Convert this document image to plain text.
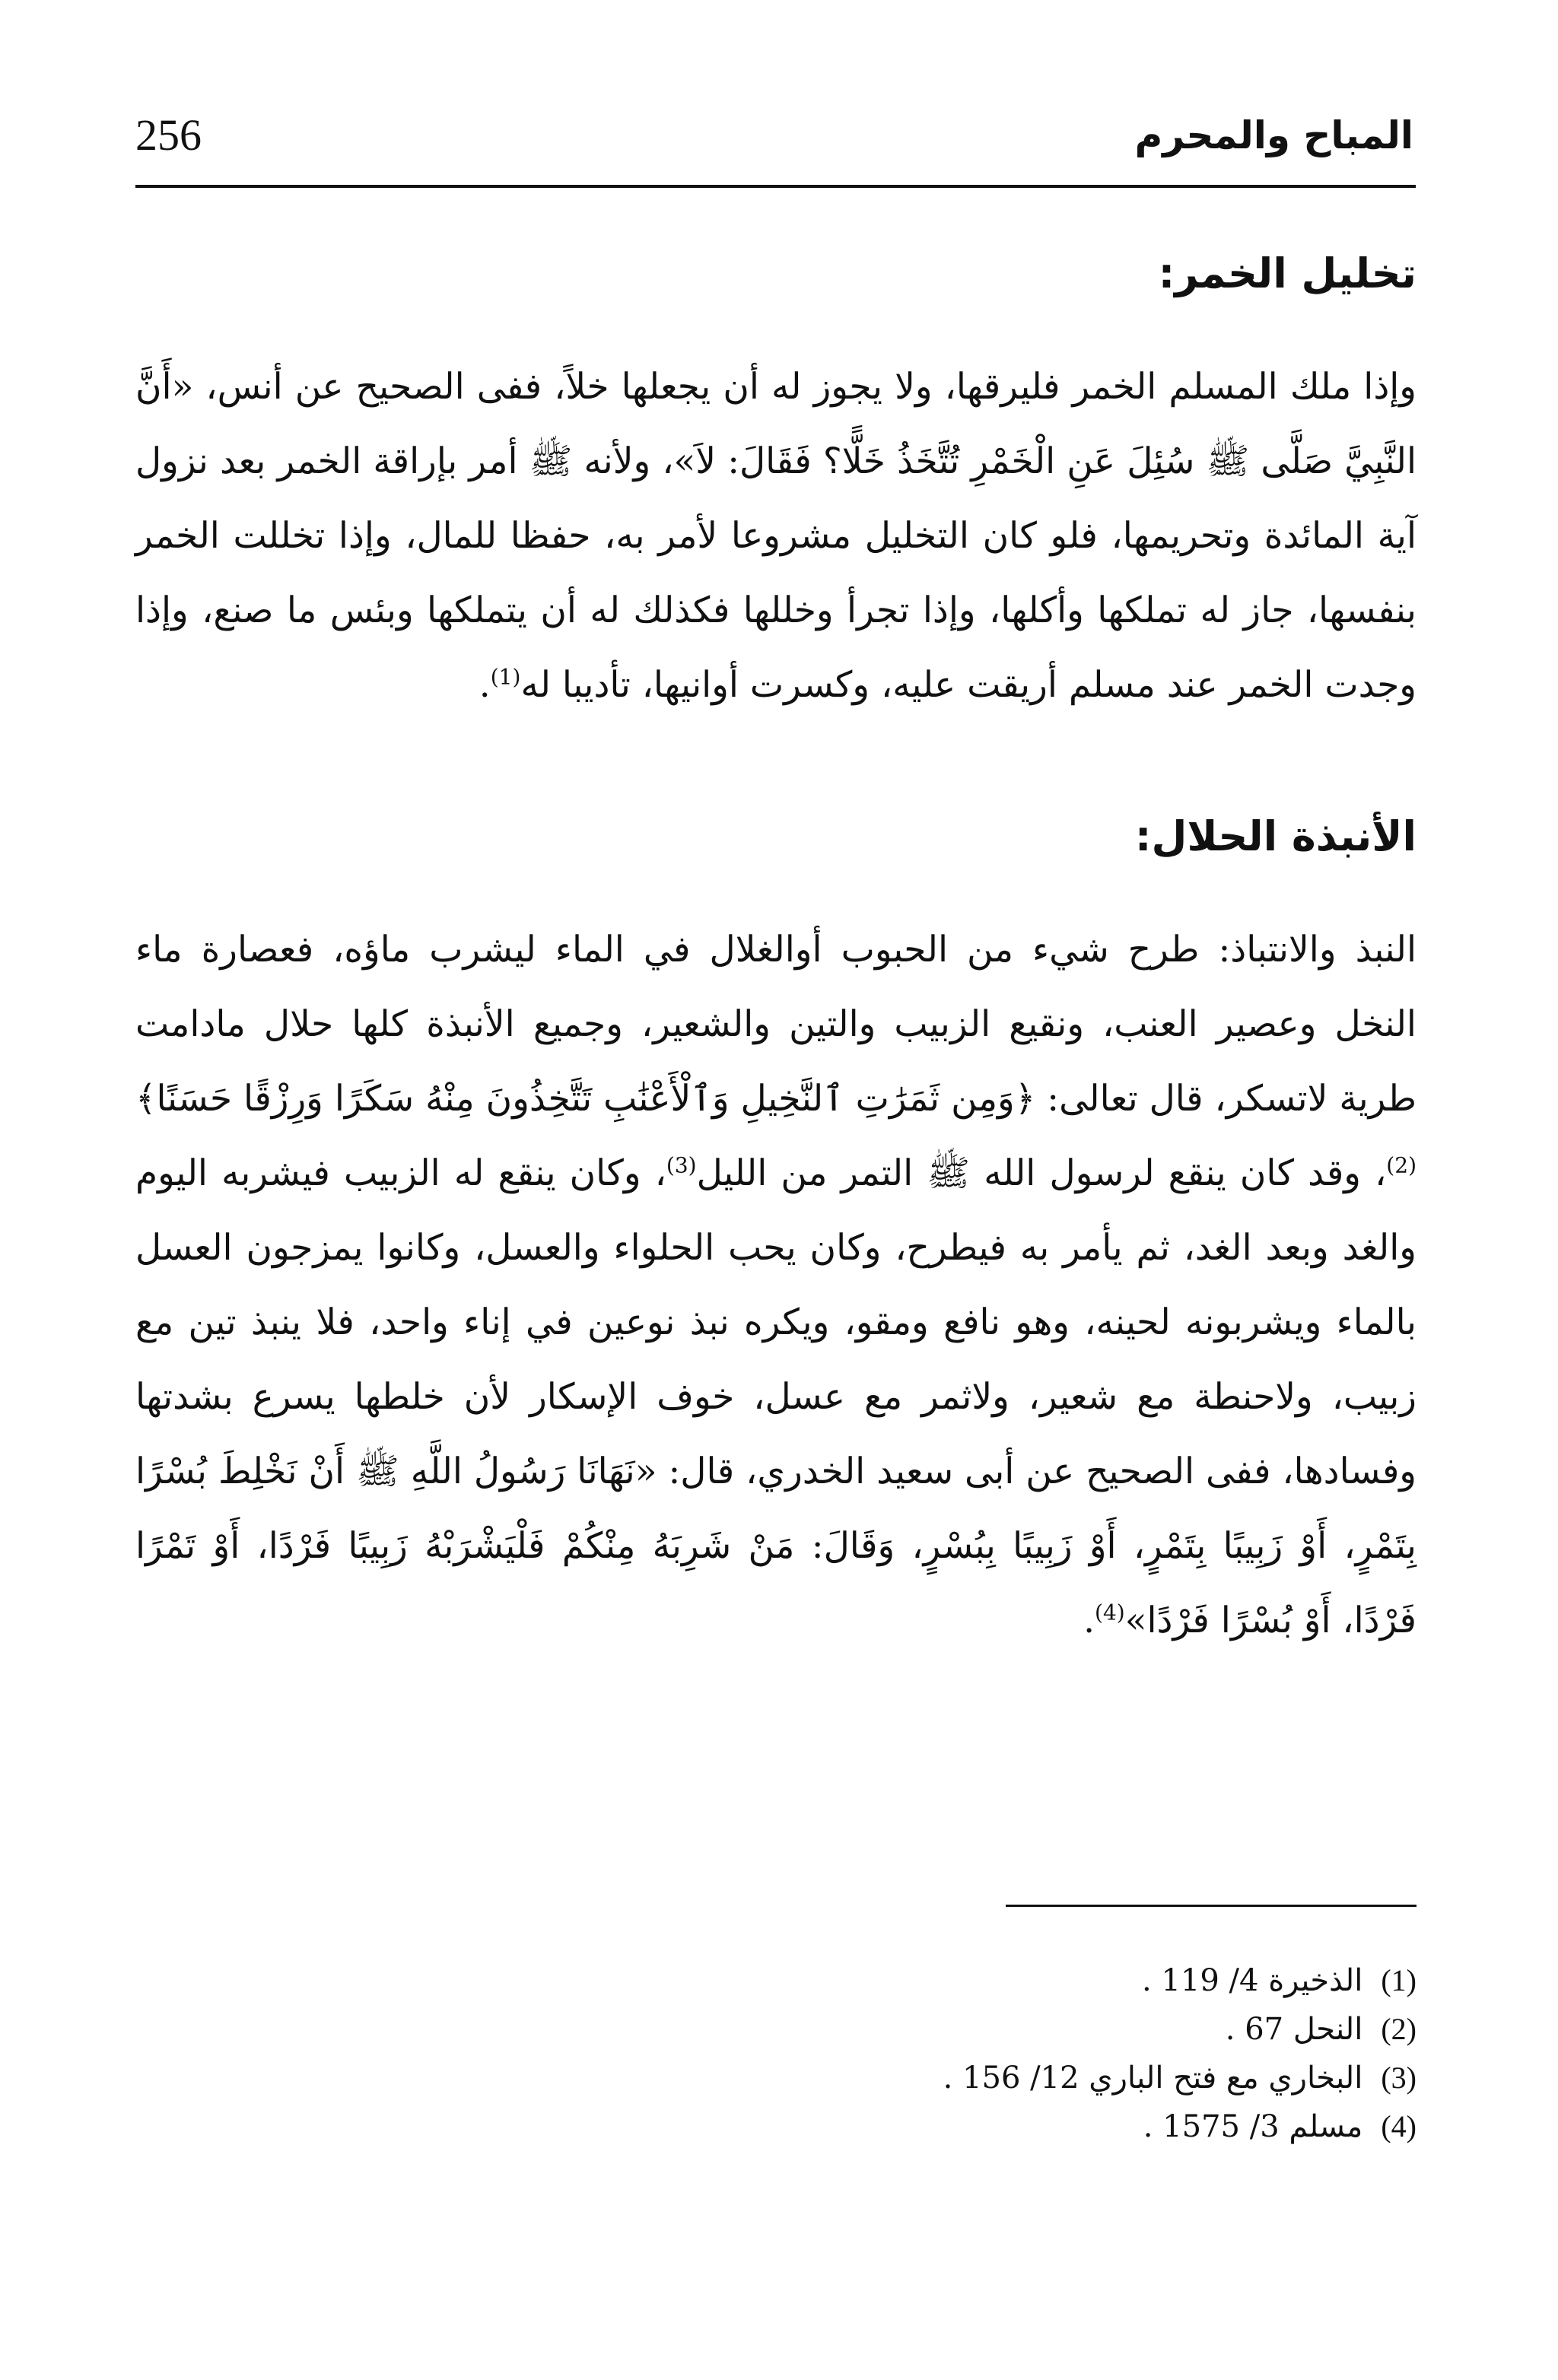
256	المباح والمحرم
تخليل الخمر:

وإذا ملك المسلم الخمر فليرقها، ولا يجوز له أن يجعلها خلاً، ففى الصحيح عن أنس، «أَنَّ النَّبِيَّ صَلَّى ﷺ سُئِلَ عَنِ الْخَمْرِ تُتَّخَذُ خَلًّا؟ فَقَالَ: لاَ»، ولأنه ﷺ أمر بإراقة الخمر بعد نزول آية المائدة وتحريمها، فلو كان التخليل مشروعا لأمر به، حفظا للمال، وإذا تخللت الخمر بنفسها، جاز له تملكها وأكلها، وإذا تجرأ وخللها فكذلك له أن يتملكها وبئس ما صنع، وإذا وجدت الخمر عند مسلم أريقت عليه، وكسرت أوانيها، تأديبا له$^{(1)}$.

الأنبذة الحلال:

النبذ والانتباذ: طرح شيء من الحبوب أوالغلال في الماء ليشرب ماؤه، فعصارة ماء النخل وعصير العنب، ونقيع الزبيب والتين والشعير، وجميع الأنبذة كلها حلال مادامت طرية لاتسكر، قال تعالى: ﴿وَمِن ثَمَرَٰتِ ٱلنَّخِيلِ وَٱلْأَعْنَٰبِ تَتَّخِذُونَ مِنْهُ سَكَرًا وَرِزْقًا حَسَنًا﴾$^{(2)}$، وقد كان ينقع لرسول الله ﷺ التمر من الليل$^{(3)}$، وكان ينقع له الزبيب فيشربه اليوم والغد وبعد الغد، ثم يأمر به فيطرح، وكان يحب الحلواء والعسل، وكانوا يمزجون العسل بالماء ويشربونه لحينه، وهو نافع ومقو، ويكره نبذ نوعين في إناء واحد، فلا ينبذ تين مع زبيب، ولاحنطة مع شعير، ولاثمر مع عسل، خوف الإسكار لأن خلطها يسرع بشدتها وفسادها، ففى الصحيح عن أبى سعيد الخدري، قال: «نَهَانَا رَسُولُ اللَّهِ ﷺ أَنْ نَخْلِطَ بُسْرًا بِتَمْرٍ، أَوْ زَبِيبًا بِتَمْرٍ، أَوْ زَبِيبًا بِبُسْرٍ، وَقَالَ: مَنْ شَرِبَهُ مِنْكُمْ فَلْيَشْرَبْهُ زَبِيبًا فَرْدًا، أَوْ تَمْرًا فَرْدًا، أَوْ بُسْرًا فَرْدًا»$^{(4)}$.

(1)الذخيرة 4/ 119 .

(2)النحل 67 .

(3)البخاري مع فتح الباري 12/ 156 .

(4)مسلم 3/ 1575 .
